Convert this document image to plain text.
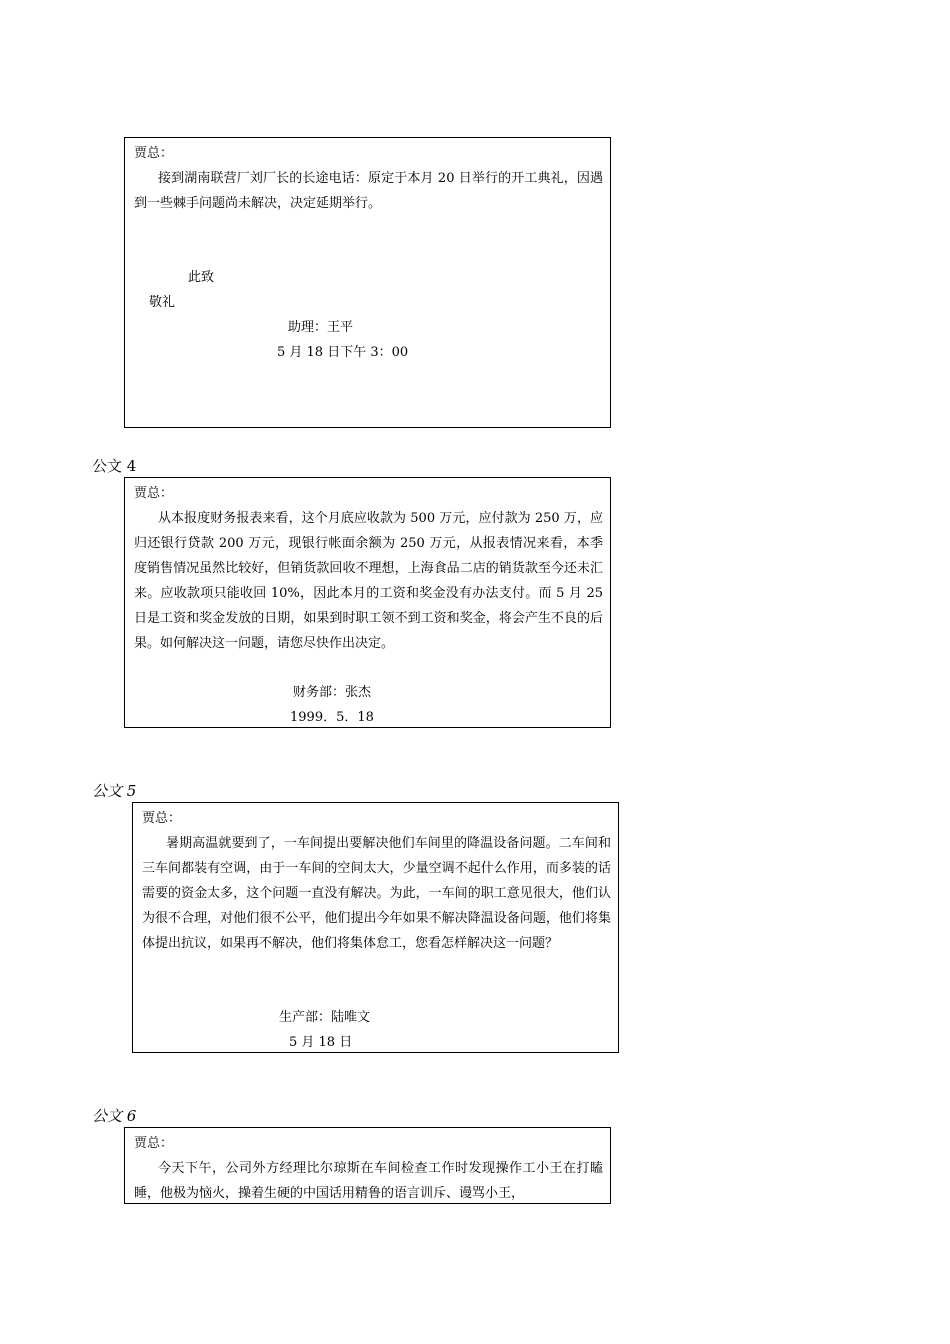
贾总：
接到湖南联营厂刘厂长的长途电话：原定于本月 20 日举行的开工典礼，因遇到一些棘手问题尚未解决，决定延期举行。
此致
敬礼
助理：王平
5 月 18 日下午 3：00
公文 4
贾总：
从本报度财务报表来看，这个月底应收款为 500 万元，应付款为 250 万，应归还银行贷款 200 万元，现银行帐面余额为 250 万元，从报表情况来看，本季度销售情况虽然比较好，但销货款回收不理想，上海食品二店的销货款至今还未汇来。应收款项只能收回 10%，因此本月的工资和奖金没有办法支付。而 5 月 25 日是工资和奖金发放的日期，如果到时职工领不到工资和奖金，将会产生不良的后果。如何解决这一问题，请您尽快作出决定。
财务部：张杰
1999．5．18
公文 5
贾总：
暑期高温就要到了，一车间提出要解决他们车间里的降温设备问题。二车间和三车间都装有空调，由于一车间的空间太大，少量空调不起什么作用，而多装的话需要的资金太多，这个问题一直没有解决。为此，一车间的职工意见很大，他们认为很不合理，对他们很不公平，他们提出今年如果不解决降温设备问题，他们将集体提出抗议，如果再不解决，他们将集体怠工，您看怎样解决这一问题？
生产部：陆唯文
5 月 18 日
公文 6
贾总：
今天下午，公司外方经理比尔琼斯在车间检查工作时发现操作工小王在打瞌睡，他极为恼火，操着生硬的中国话用精鲁的语言训斥、谩骂小王，
